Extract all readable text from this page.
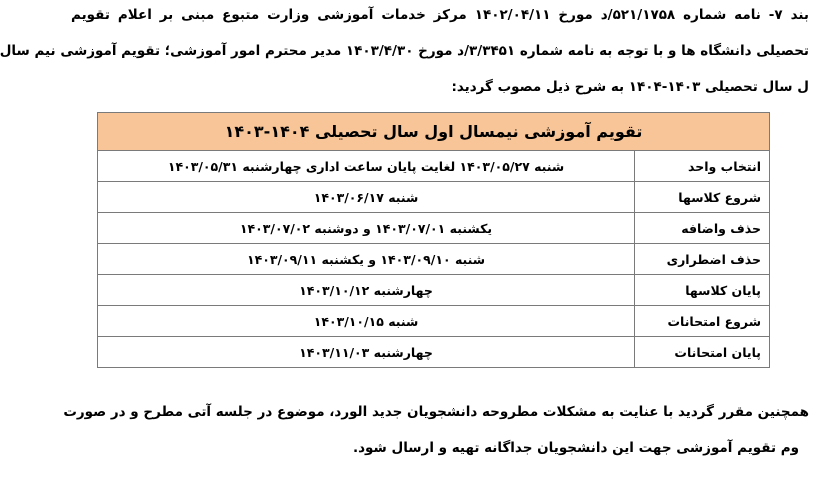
بند ۷- نامه شماره ۵۲۱/۱۷۵۸/د مورخ ۱۴۰۲/۰۴/۱۱ مرکز خدمات آموزشی وزارت متبوع مبنی بر اعلام تقویم
تحصیلی دانشگاه ها و با توجه به نامه شماره ۳/۳۴۵۱/د مورخ ۱۴۰۳/۴/۳۰ مدیر محترم امور آموزشی؛ تقویم آموزشی نیم سال
ل سال تحصیلی ۱۴۰۳-۱۴۰۴ به شرح ذیل مصوب گردید:
تقویم آموزشی نیمسال اول سال تحصیلی ۱۴۰۴-۱۴۰۳	
انتخاب واحد	شنبه ۱۴۰۳/۰۵/۲۷ لغایت پایان ساعت اداری چهارشنبه ۱۴۰۳/۰۵/۳۱
شروع کلاسها	شنبه ۱۴۰۳/۰۶/۱۷
حذف واضافه	یکشنبه ۱۴۰۳/۰۷/۰۱ و دوشنبه ۱۴۰۳/۰۷/۰۲
حذف اضطراری	شنبه ۱۴۰۳/۰۹/۱۰ و یکشنبه ۱۴۰۳/۰۹/۱۱
پایان کلاسها	چهارشنبه ۱۴۰۳/۱۰/۱۲
شروع امتحانات	شنبه ۱۴۰۳/۱۰/۱۵
پایان امتحانات	چهارشنبه ۱۴۰۳/۱۱/۰۳
همچنین مقرر گردید با عنایت به مشکلات مطروحه دانشجویان جدید الورد، موضوع در جلسه آتی مطرح و در صورت
وم تقویم آموزشی جهت این دانشجویان جداگانه تهیه و ارسال شود.
